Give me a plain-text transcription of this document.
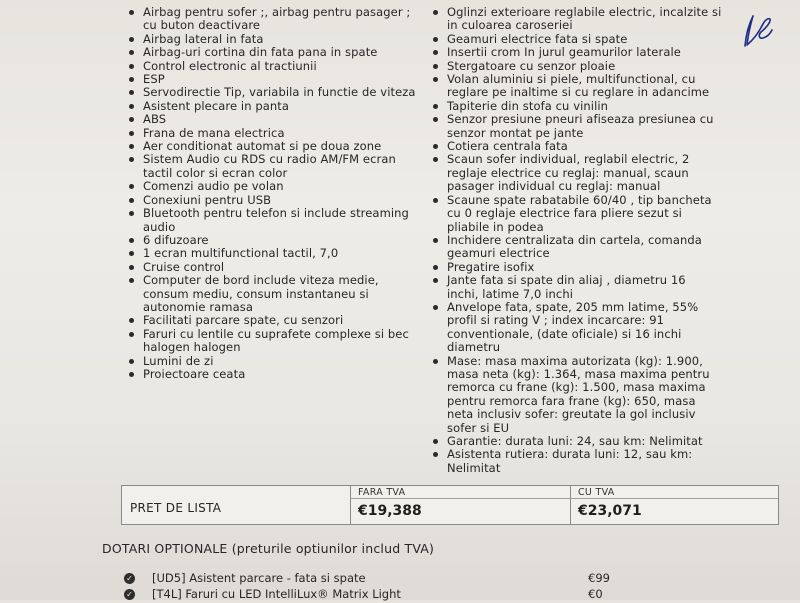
Airbag pentru sofer ;, airbag pentru pasager ;
cu buton deactivare
Airbag lateral in fata
Airbag-uri cortina din fata pana in spate
Control electronic al tractiunii
ESP
Servodirectie Tip, variabila in functie de viteza
Asistent plecare in panta
ABS
Frana de mana electrica
Aer conditionat automat si pe doua zone
Sistem Audio cu RDS cu radio AM/FM ecran
tactil color si ecran color
Comenzi audio pe volan
Conexiuni pentru USB
Bluetooth pentru telefon si include streaming
audio
6 difuzoare
1 ecran multifunctional tactil, 7,0
Cruise control
Computer de bord include viteza medie,
consum mediu, consum instantaneu si
autonomie ramasa
Facilitati parcare spate, cu senzori
Faruri cu lentile cu suprafete complexe si bec
halogen halogen
Lumini de zi
Proiectoare ceata
Oglinzi exterioare reglabile electric, incalzite si
in culoarea caroseriei
Geamuri electrice fata si spate
Insertii crom In jurul geamurilor laterale
Stergatoare cu senzor ploaie
Volan aluminiu si piele, multifunctional, cu
reglare pe inaltime si cu reglare in adancime
Tapiterie din stofa cu vinilin
Senzor presiune pneuri afiseaza presiunea cu
senzor montat pe jante
Cotiera centrala fata
Scaun sofer individual, reglabil electric, 2
reglaje electrice cu reglaj: manual, scaun
pasager individual cu reglaj: manual
Scaune spate rabatabile 60/40 , tip bancheta
cu 0 reglaje electrice fara pliere sezut si
pliabile in podea
Inchidere centralizata din cartela, comanda
geamuri electrice
Pregatire isofix
Jante fata si spate din aliaj , diametru 16
inchi, latime 7,0 inchi
Anvelope fata, spate, 205 mm latime, 55%
profil si rating V ; index incarcare: 91
conventionale, (date oficiale) si 16 inchi
diametru
Mase: masa maxima autorizata (kg): 1.900,
masa neta (kg): 1.364, masa maxima pentru
remorca cu frane (kg): 1.500, masa maxima
pentru remorca fara frane (kg): 650, masa
neta inclusiv sofer: greutate la gol inclusiv
sofer si EU
Garantie: durata luni: 24, sau km: Nelimitat
Asistenta rutiera: durata luni: 12, sau km:
Nelimitat
PRET DE LISTA
FARA TVA	CU TVA
€19,388	€23,071
DOTARI OPTIONALE (preturile optiunilor includ TVA)
✓ [UD5] Asistent parcare - fata si spate	€99
✓ [T4L] Faruri cu LED IntelliLux® Matrix Light	€0
